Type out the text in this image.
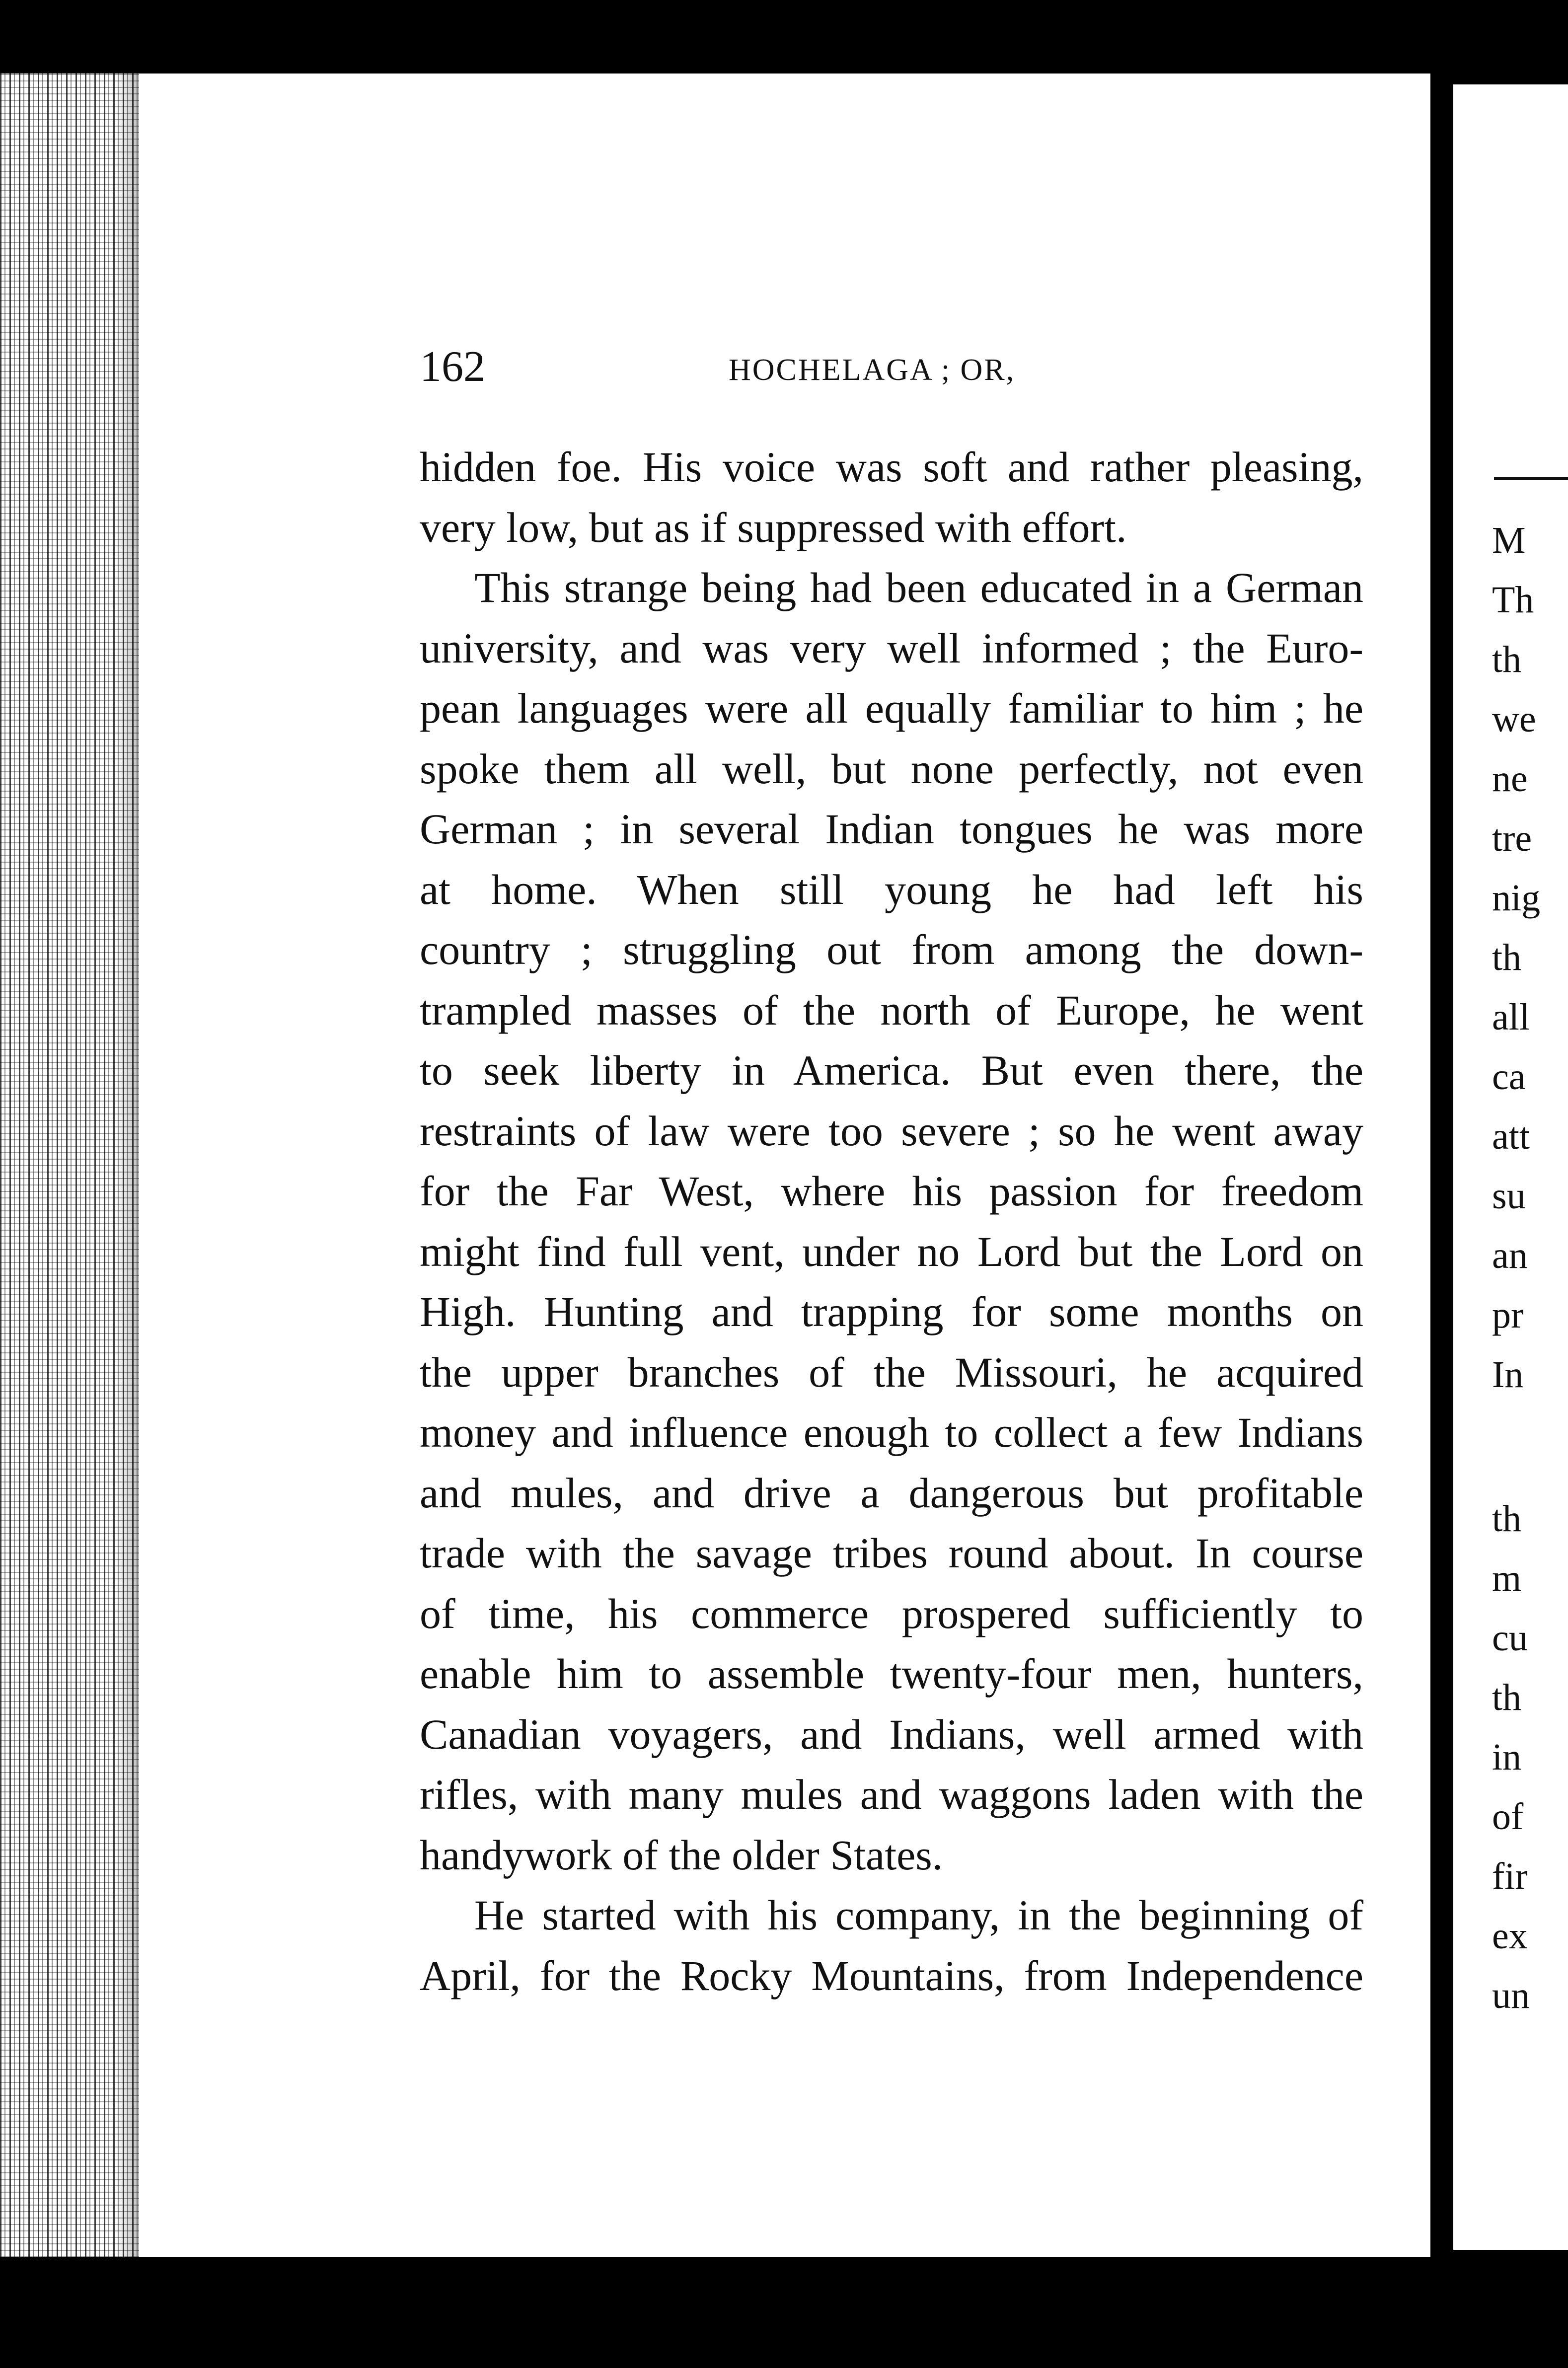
162	HOCHELAGA ; OR,
hidden foe. His voice was soft and rather pleasing,
very low, but as if suppressed with effort.
This strange being had been educated in a German
university, and was very well informed ; the Euro-
pean languages were all equally familiar to him ; he
spoke them all well, but none perfectly, not even
German ; in several Indian tongues he was more
at home. When still young he had left his
country ; struggling out from among the down-
trampled masses of the north of Europe, he went
to seek liberty in America. But even there, the
restraints of law were too severe ; so he went away
for the Far West, where his passion for freedom
might find full vent, under no Lord but the Lord on
High. Hunting and trapping for some months on
the upper branches of the Missouri, he acquired
money and influence enough to collect a few Indians
and mules, and drive a dangerous but profitable
trade with the savage tribes round about. In course
of time, his commerce prospered sufficiently to
enable him to assemble twenty-four men, hunters,
Canadian voyagers, and Indians, well armed with
rifles, with many mules and waggons laden with the
handywork of the older States.
He started with his company, in the beginning of
April, for the Rocky Mountains, from Independence
M
Th
th
we
ne
tre
nig
th
all
ca
att
su
an
pr
In
th
m
cu
th
in
of
fir
ex
un
